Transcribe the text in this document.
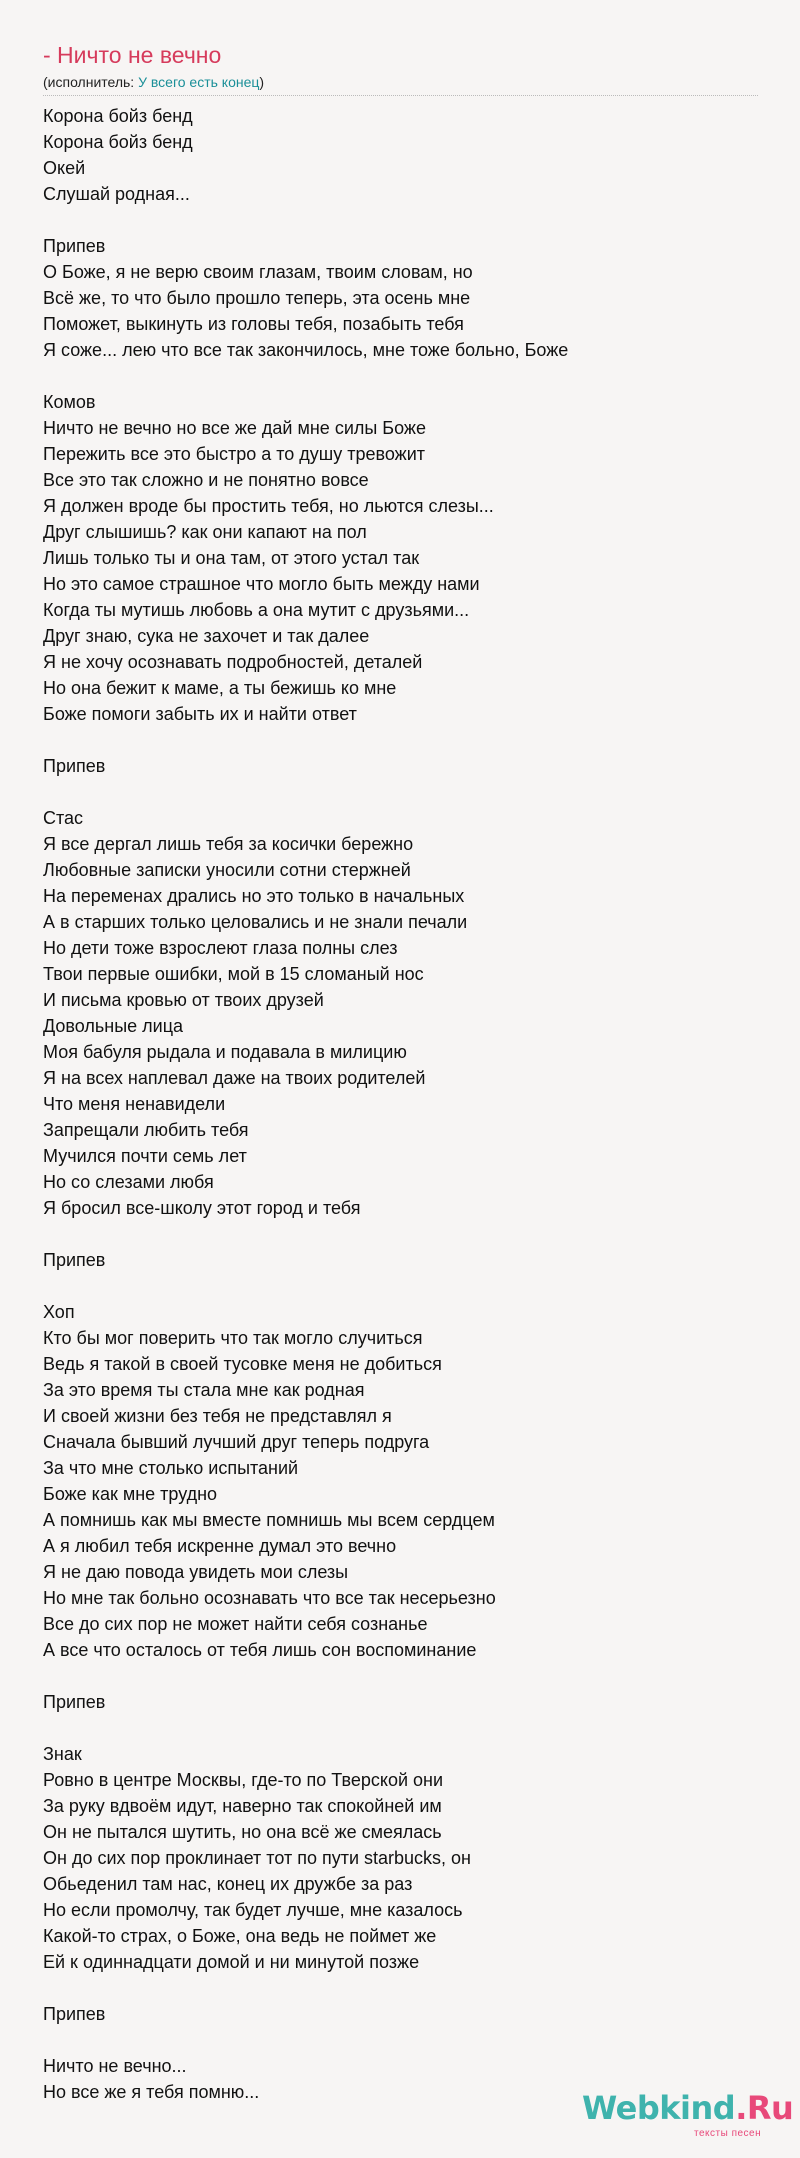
- Ничто не вечно
(исполнитель: У всего есть конец)
Корона бойз бенд
Корона бойз бенд
Окей
Слушай родная...
Припев
О Боже, я не верю своим глазам, твоим словам, но
Всё же, то что было прошло теперь, эта осень мне
Поможет, выкинуть из головы тебя, позабыть тебя
Я соже... лею что все так закончилось, мне тоже больно, Боже
Комов
Ничто не вечно но все же дай мне силы Боже
Пережить все это быстро а то душу тревожит
Все это так сложно и не понятно вовсе
Я должен вроде бы простить тебя, но льются слезы...
Друг слышишь? как они капают на пол
Лишь только ты и она там, от этого устал так
Но это самое страшное что могло быть между нами
Когда ты мутишь любовь а она мутит с друзьями...
Друг знаю, сука не захочет и так далее
Я не хочу осознавать подробностей, деталей
Но она бежит к маме, а ты бежишь ко мне
Боже помоги забыть их и найти ответ
Припев
Стас
Я все дергал лишь тебя за косички бережно
Любовные записки уносили сотни стержней
На переменах дрались но это только в начальных
А в старших только целовались и не знали печали
Но дети тоже взрослеют глаза полны слез
Твои первые ошибки, мой в 15 сломаный нос
И письма кровью от твоих друзей
Довольные лица
Моя бабуля рыдала и подавала в милицию
Я на всех наплевал даже на твоих родителей
Что меня ненавидели
Запрещали любить тебя
Мучился почти семь лет
Но со слезами любя
Я бросил все-школу этот город и тебя
Припев
Хоп
Кто бы мог поверить что так могло случиться
Ведь я такой в своей тусовке меня не добиться
За это время ты стала мне как родная
И своей жизни без тебя не представлял я
Сначала бывший лучший друг теперь подруга
За что мне столько испытаний
Боже как мне трудно
А помнишь как мы вместе помнишь мы всем сердцем
А я любил тебя искренне думал это вечно
Я не даю повода увидеть мои слезы
Но мне так больно осознавать что все так несерьезно
Все до сих пор не может найти себя сознанье
А все что осталось от тебя лишь сон воспоминание
Припев
Знак
Ровно в центре Москвы, где-то по Тверской они
За руку вдвоём идут, наверно так спокойней им
Он не пытался шутить, но она всё же смеялась
Он до сих пор проклинает тот по пути starbucks, он
Обьеденил там нас, конец их дружбе за раз
Но если промолчу, так будет лучше, мне казалось
Какой-то страх, о Боже, она ведь не поймет же
Ей к одиннадцати домой и ни минутой позже
Припев
Ничто не вечно...
Но все же я тебя помню...	Webkind.Ru
тексты песен
